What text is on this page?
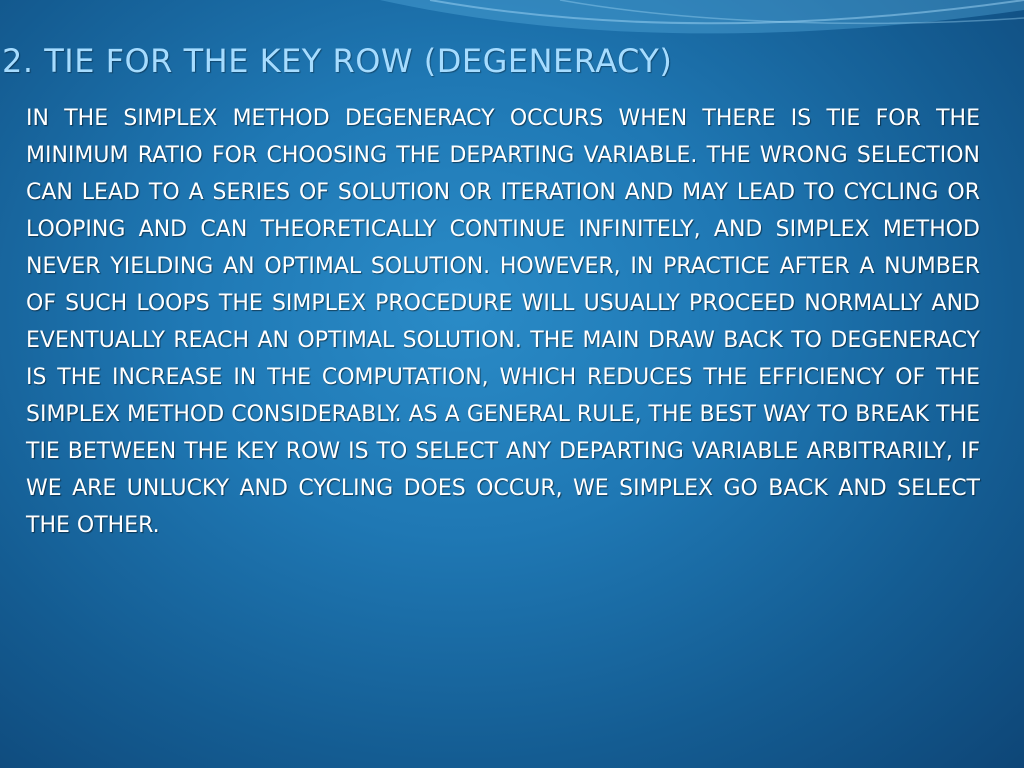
2. TIE FOR THE KEY ROW (DEGENERACY)

IN THE SIMPLEX METHOD DEGENERACY OCCURS WHEN THERE IS TIE FOR THE MINIMUM RATIO FOR CHOOSING THE DEPARTING VARIABLE. THE WRONG SELECTION CAN LEAD TO A SERIES OF SOLUTION OR ITERATION AND MAY LEAD TO CYCLING OR LOOPING AND CAN THEORETICALLY CONTINUE INFINITELY, AND SIMPLEX METHOD NEVER YIELDING AN OPTIMAL SOLUTION. HOWEVER, IN PRACTICE AFTER A NUMBER OF SUCH LOOPS THE SIMPLEX PROCEDURE WILL USUALLY PROCEED NORMALLY AND EVENTUALLY REACH AN OPTIMAL SOLUTION. THE MAIN DRAW BACK TO DEGENERACY IS THE INCREASE IN THE COMPUTATION, WHICH REDUCES THE EFFICIENCY OF THE SIMPLEX METHOD CONSIDERABLY. AS A GENERAL RULE, THE BEST WAY TO BREAK THE TIE BETWEEN THE KEY ROW IS TO SELECT ANY DEPARTING VARIABLE ARBITRARILY, IF WE ARE UNLUCKY AND CYCLING DOES OCCUR, WE SIMPLEX GO BACK AND SELECT THE OTHER.
